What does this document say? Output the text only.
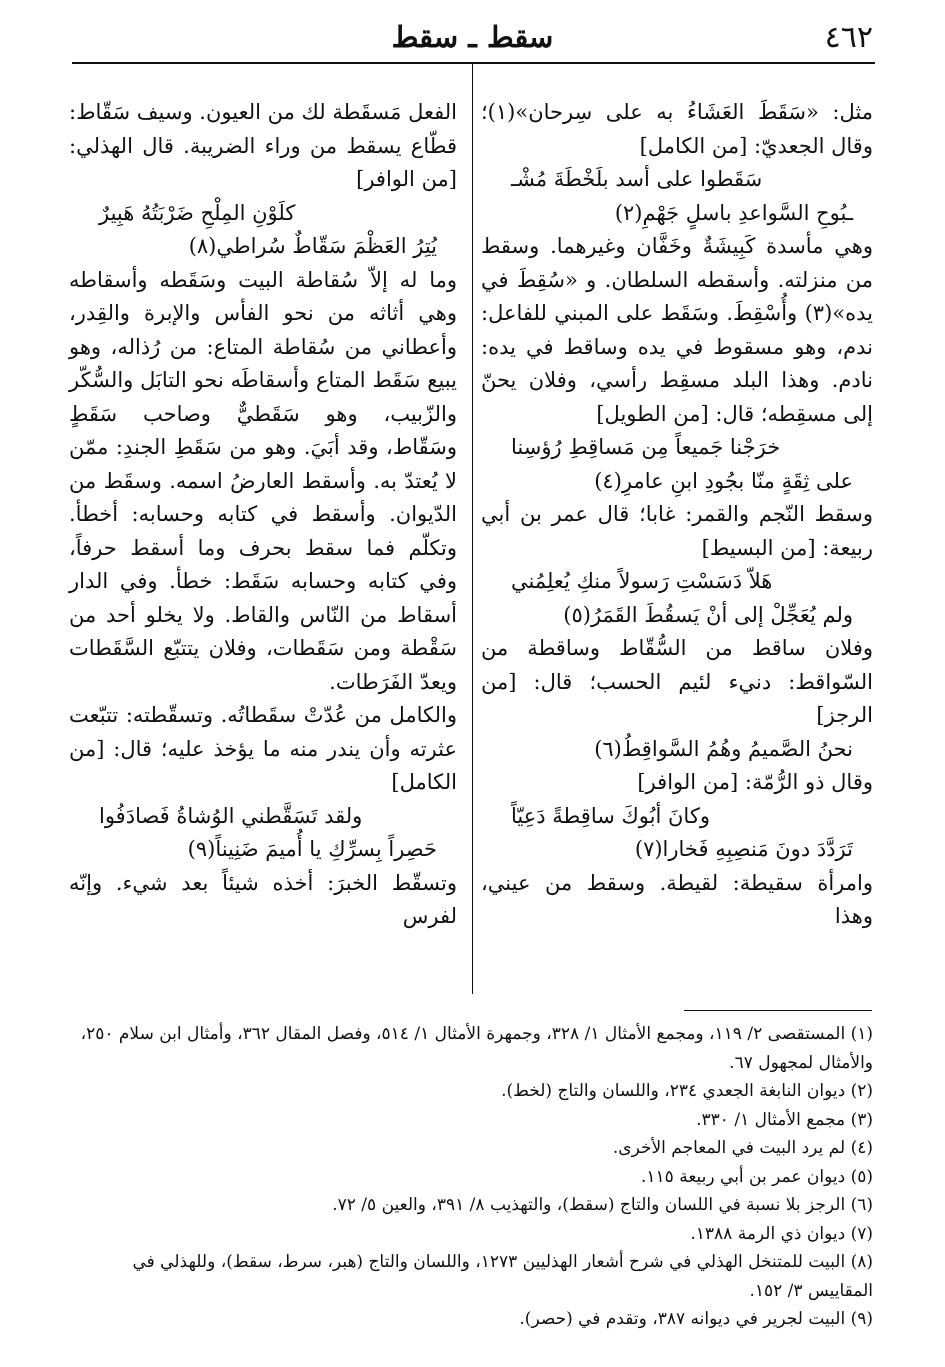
٤٦٢
سقط ـ سقط

مثل: «سَقَطَ العَشَاءُ به على سِرحان»(١)؛ وقال الجعديّ: [من الكامل]

سَقَطوا على أسد بلَخْطَةَ مُشْـ

ـبُوحِ السَّواعدِ باسلٍ جَهْمِ(٢)

وهي مأسدة كَبِيشَةٌ وخَفَّان وغيرهما. وسقط من منزلته. وأسقطه السلطان. و «سُقِطَ في يده»(٣) وأُسْقِطَ. وسَقَط على المبني للفاعل: ندم، وهو مسقوط في يده وساقط في يده: نادم. وهذا البلد مسقِط رأسي، وفلان يحنّ إلى مسقِطه؛ قال: [من الطويل]

خرَجْنا جَميعاً مِن مَساقِطِ رُؤسِنا

على ثِقَةٍ منّا بجُودِ ابنِ عامرِ(٤)

وسقط النّجم والقمر: غابا؛ قال عمر بن أبي ربيعة: [من البسيط]

هَلاّ دَسَسْتِ رَسولاً منكِ يُعلِمُني

ولم يُعَجِّلْ إلى أنْ يَسقُطَ القَمَرُ(٥)

وفلان ساقط من السُّقّاط وساقطة من السّواقط: دنيء لئيم الحسب؛ قال: [من الرجز]

نحنُ الصَّميمُ وهُمُ السَّواقِطُ(٦)

وقال ذو الرُّمّة: [من الوافر]

وكانَ أبُوكَ ساقِطةً دَعِيّاً

تَرَدَّدَ دونَ مَنصِبِهِ فَخارا(٧)

وامرأة سقيطة: لقيطة. وسقط من عيني، وهذا

الفعل مَسقَطة لك من العيون. وسيف سَقّاط: قطّاع يسقط من وراء الضريبة. قال الهذلي: [من الوافر]

كلَوْنِ المِلْحِ ضَرْبَتُهُ هَبِيرٌ

يُتِرُ العَظْمَ سَقّاطٌ سُراطي(٨)

وما له إلاّ سُقاطة البيت وسَقَطه وأسقاطه وهي أثاثه من نحو الفأس والإبرة والقِدر، وأعطاني من سُقاطة المتاع: من رُذاله، وهو يبيع سَقَط المتاع وأسقاطَه نحو التابَل والسُّكّر والزّبيب، وهو سَقَطيٌّ وصاحب سَقَطٍ وسَقّاط، وقد أبَيَ. وهو من سَقَطِ الجندِ: ممّن لا يُعتدّ به. وأسقط العارضُ اسمه. وسقَط من الدّيوان. وأسقط في كتابه وحسابه: أخطأ. وتكلّم فما سقط بحرف وما أسقط حرفاً، وفي كتابه وحسابه سَقَط: خطأ. وفي الدار أسقاط من النّاس والقاط. ولا يخلو أحد من سَقْطة ومن سَقَطات، وفلان يتتبّع السَّقَطات ويعدّ الفَرَطات.

والكامل من عُدّتْ سقَطاتُه. وتسقّطته: تتبّعت عثرته وأن يندر منه ما يؤخذ عليه؛ قال: [من الكامل]

ولقد تَسَقَّطني الوُشاةُ فَصادَفُوا

حَصِراً بِسرِّكِ يا أُميمَ ضَنِيناً(٩)

وتسقّط الخبرَ: أخذه شيئاً بعد شيء. وإنّه لفرس

(١) المستقصى ٢/ ١١٩، ومجمع الأمثال ١/ ٣٢٨، وجمهرة الأمثال ١/ ٥١٤، وفصل المقال ٣٦٢، وأمثال ابن سلام ٢٥٠، والأمثال لمجهول ٦٧.

(٢) ديوان النابغة الجعدي ٢٣٤، واللسان والتاج (لخط).

(٣) مجمع الأمثال ١/ ٣٣٠.

(٤) لم يرد البيت في المعاجم الأخرى.

(٥) ديوان عمر بن أبي ربيعة ١١٥.

(٦) الرجز بلا نسبة في اللسان والتاج (سقط)، والتهذيب ٨/ ٣٩١، والعين ٥/ ٧٢.

(٧) ديوان ذي الرمة ١٣٨٨.

(٨) البيت للمتنخل الهذلي في شرح أشعار الهذليين ١٢٧٣، واللسان والتاج (هبر، سرط، سقط)، وللهذلي في المقاييس ٣/ ١٥٢.

(٩) البيت لجرير في ديوانه ٣٨٧، وتقدم في (حصر).
